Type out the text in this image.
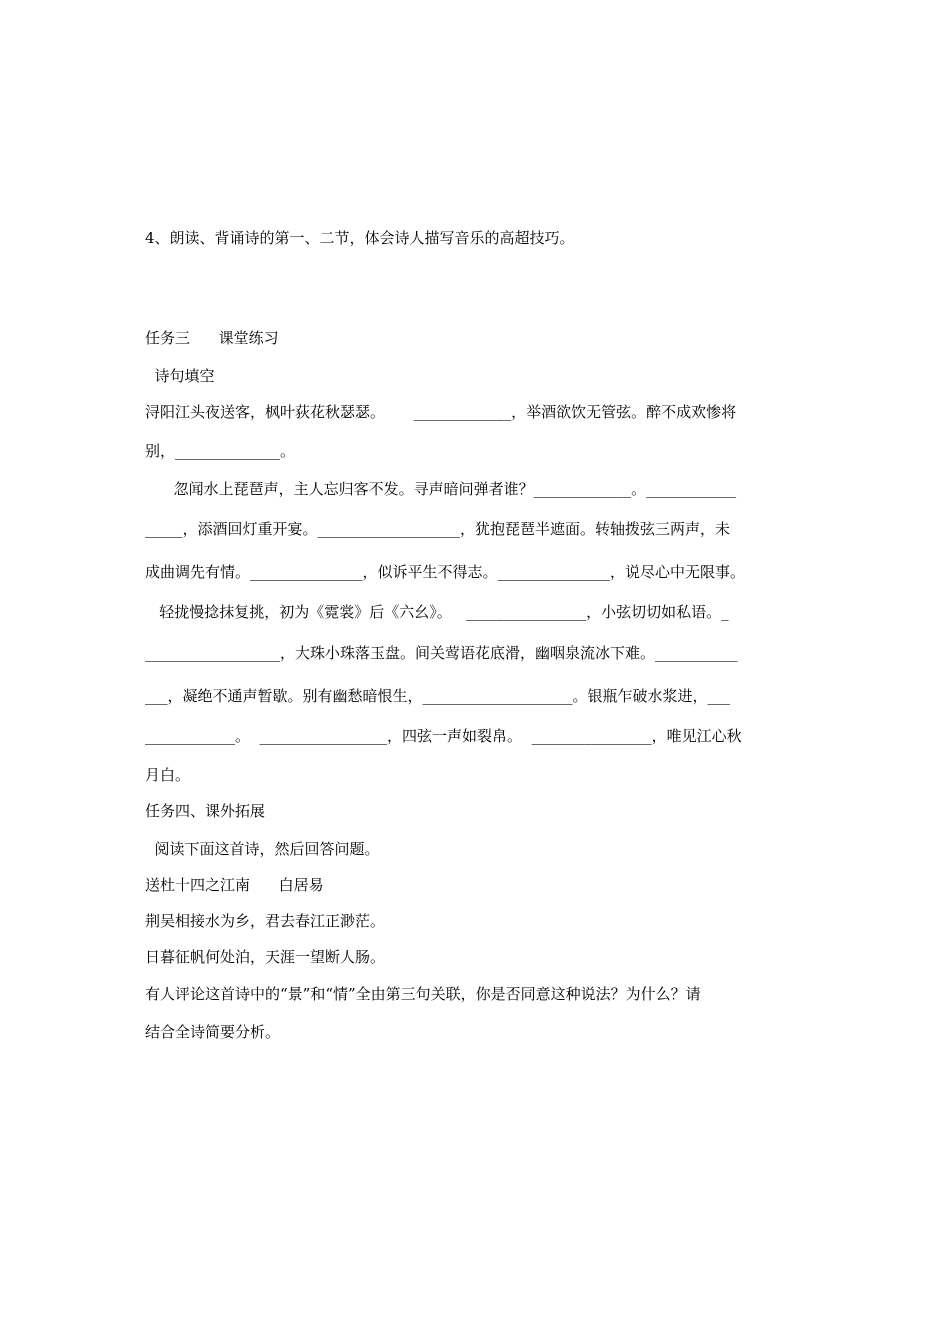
4、朗读、背诵诗的第一、二节，体会诗人描写音乐的高超技巧。
任务三      课堂练习
诗句填空
浔阳江头夜送客，枫叶荻花秋瑟瑟。      _____________，举酒欲饮无管弦。醉不成欢惨将
别，______________。
忽闻水上琵琶声，主人忘归客不发。寻声暗问弹者谁？_____________。____________
_____，添酒回灯重开宴。___________________，犹抱琵琶半遮面。转轴拨弦三两声，未
成曲调先有情。_______________，似诉平生不得志。_______________，说尽心中无限事。
轻拢慢捻抹复挑，初为《霓裳》后《六幺》。   ________________，小弦切切如私语。_
__________________，大珠小珠落玉盘。间关莺语花底滑，幽咽泉流冰下难。___________
___，凝绝不通声暂歇。别有幽愁暗恨生，____________________。银瓶乍破水浆进，___
____________。  _________________，四弦一声如裂帛。  ________________，唯见江心秋
月白。
任务四、课外拓展
阅读下面这首诗，然后回答问题。
送杜十四之江南      白居易
荆吴相接水为乡，君去春江正渺茫。
日暮征帆何处泊，天涯一望断人肠。
有人评论这首诗中的“景”和“情”全由第三句关联，你是否同意这种说法？为什么？请
结合全诗简要分析。
